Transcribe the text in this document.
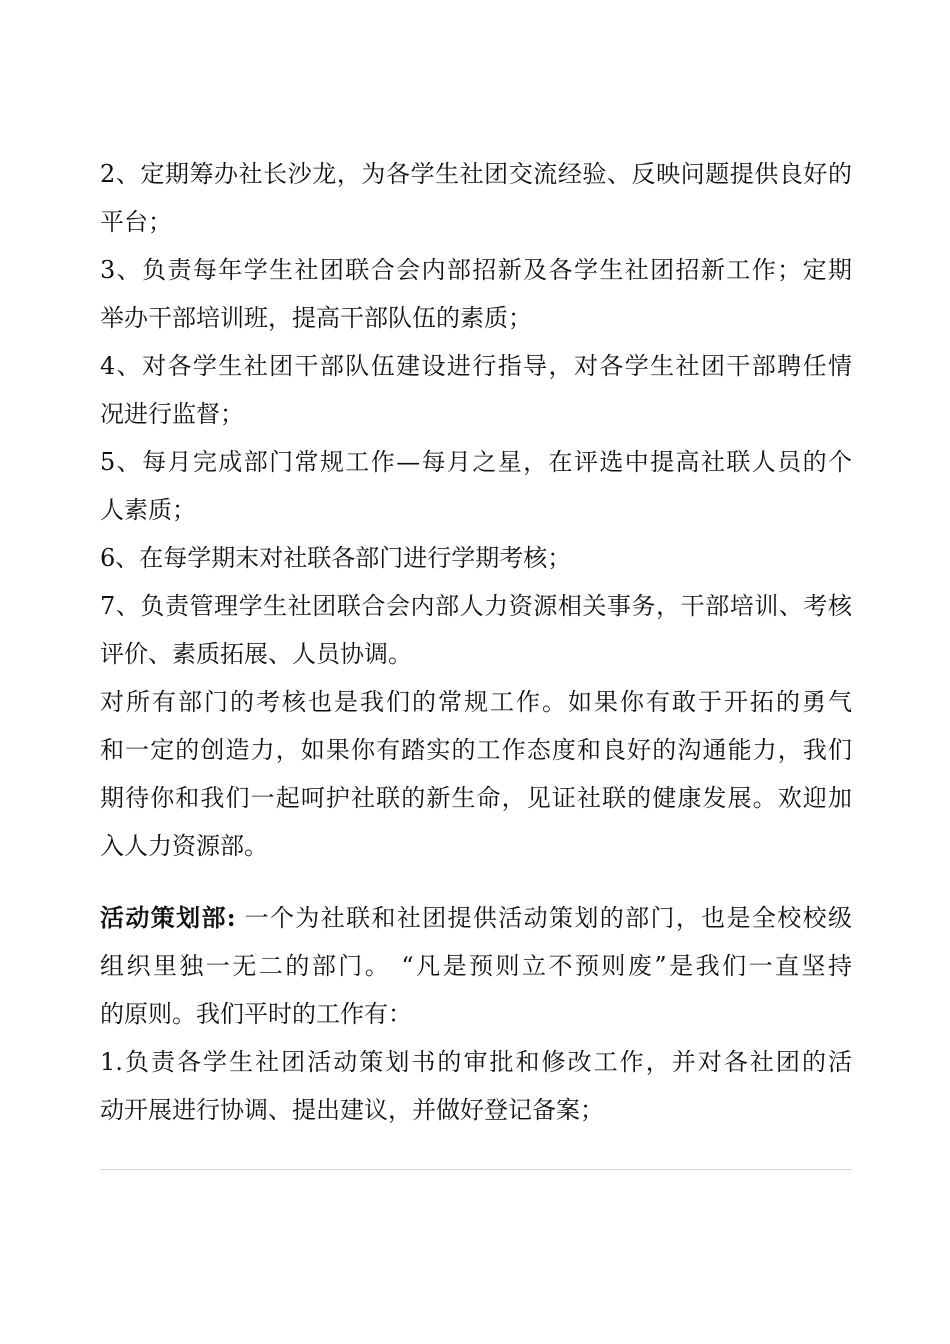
2、定期筹办社长沙龙，为各学生社团交流经验、反映问题提供良好的
平台；
3、负责每年学生社团联合会内部招新及各学生社团招新工作；定期
举办干部培训班，提高干部队伍的素质；
4、对各学生社团干部队伍建设进行指导，对各学生社团干部聘任情
况进行监督；
5、每月完成部门常规工作—每月之星，在评选中提高社联人员的个
人素质；
6、在每学期末对社联各部门进行学期考核；
7、负责管理学生社团联合会内部人力资源相关事务，干部培训、考核
评价、素质拓展、人员协调。
对所有部门的考核也是我们的常规工作。如果你有敢于开拓的勇气
和一定的创造力，如果你有踏实的工作态度和良好的沟通能力，我们
期待你和我们一起呵护社联的新生命，见证社联的健康发展。欢迎加
入人力资源部。
活动策划部: 一个为社联和社团提供活动策划的部门，也是全校校级
组织里独一无二的部门。 “凡是预则立不预则废”是我们一直坚持
的原则。我们平时的工作有：
1.负责各学生社团活动策划书的审批和修改工作，并对各社团的活
动开展进行协调、提出建议，并做好登记备案；
